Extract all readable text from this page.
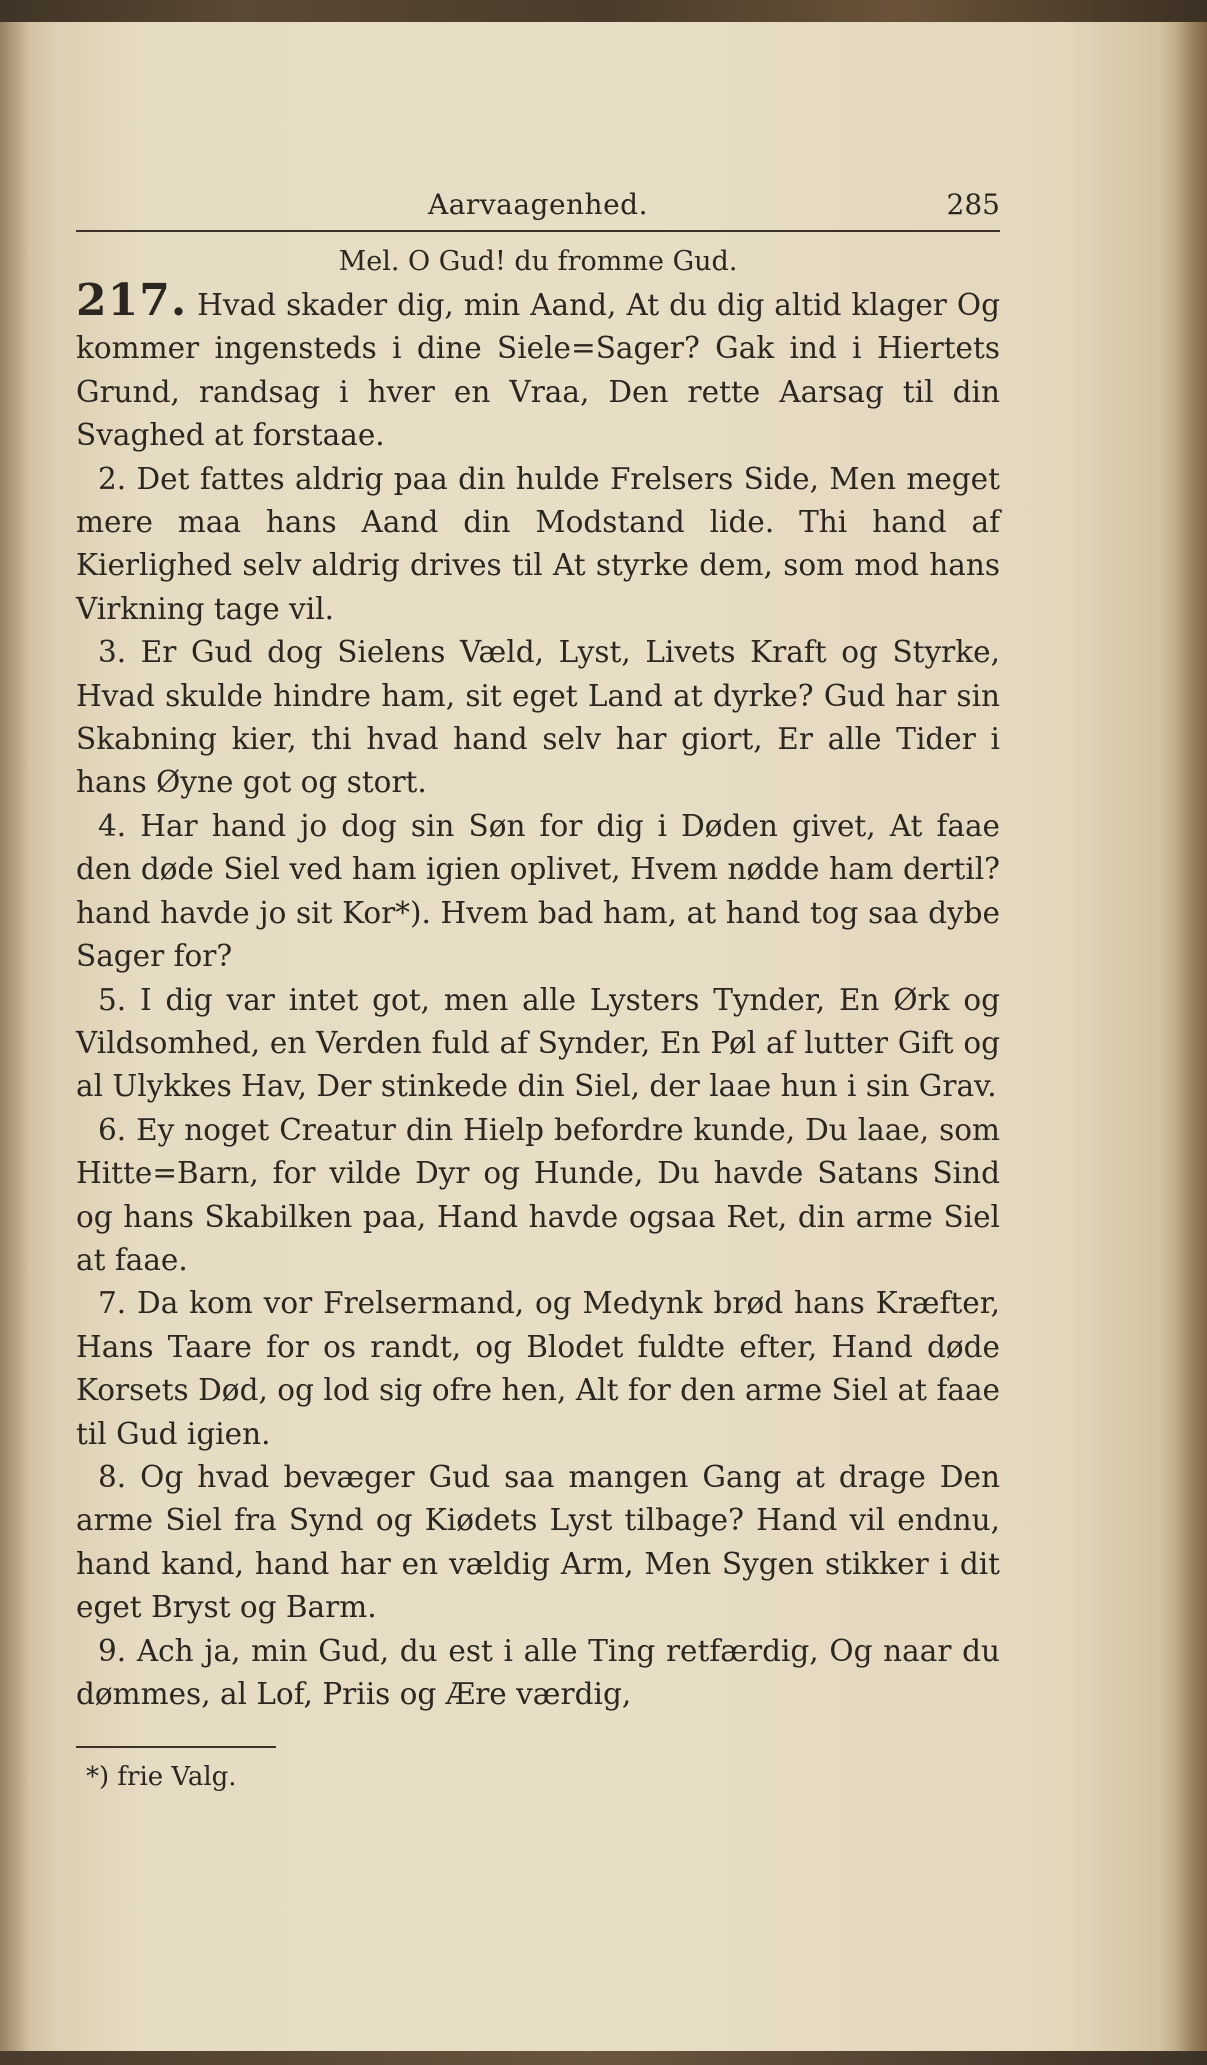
Aarvaagenhed.	285
Mel. O Gud! du fromme Gud.

217. Hvad skader dig, min Aand, At du dig altid klager Og kommer ingensteds i dine Siele=Sager? Gak ind i Hiertets Grund, randsag i hver en Vraa, Den rette Aarsag til din Svaghed at forstaae.

2. Det fattes aldrig paa din hulde Frelsers Side, Men meget mere maa hans Aand din Modstand lide. Thi hand af Kierlighed selv aldrig drives til At styrke dem, som mod hans Virkning tage vil.

3. Er Gud dog Sielens Væld, Lyst, Livets Kraft og Styrke, Hvad skulde hindre ham, sit eget Land at dyrke? Gud har sin Skabning kier, thi hvad hand selv har giort, Er alle Tider i hans Øyne got og stort.

4. Har hand jo dog sin Søn for dig i Døden givet, At faae den døde Siel ved ham igien oplivet, Hvem nødde ham dertil? hand havde jo sit Kor*). Hvem bad ham, at hand tog saa dybe Sager for?

5. I dig var intet got, men alle Lysters Tynder, En Ørk og Vildsomhed, en Verden fuld af Synder, En Pøl af lutter Gift og al Ulykkes Hav, Der stinkede din Siel, der laae hun i sin Grav.

6. Ey noget Creatur din Hielp befordre kunde, Du laae, som Hitte=Barn, for vilde Dyr og Hunde, Du havde Satans Sind og hans Skabilken paa, Hand havde ogsaa Ret, din arme Siel at faae.

7. Da kom vor Frelsermand, og Medynk brød hans Kræfter, Hans Taare for os randt, og Blodet fuldte efter, Hand døde Korsets Død, og lod sig ofre hen, Alt for den arme Siel at faae til Gud igien.

8. Og hvad bevæger Gud saa mangen Gang at drage Den arme Siel fra Synd og Kiødets Lyst tilbage? Hand vil endnu, hand kand, hand har en vældig Arm, Men Sygen stikker i dit eget Bryst og Barm.

9. Ach ja, min Gud, du est i alle Ting retfærdig, Og naar du dømmes, al Lof, Priis og Ære værdig,

*) frie Valg.
